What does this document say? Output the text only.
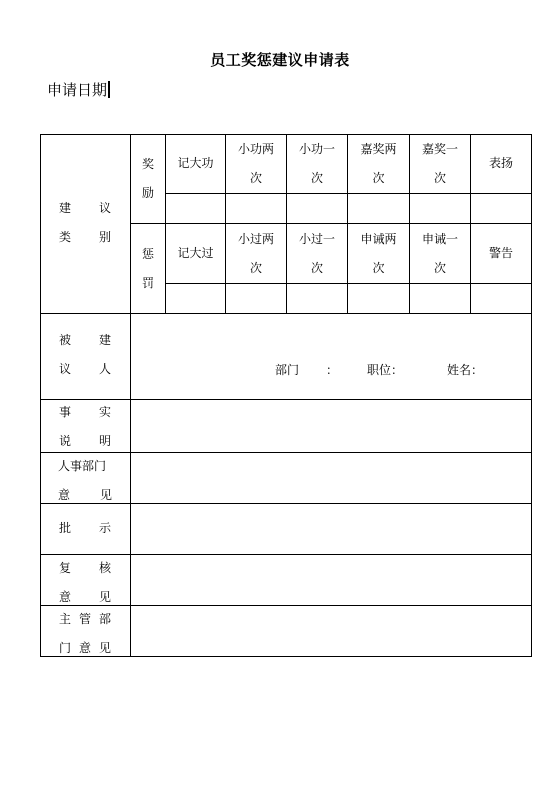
员工奖惩建议申请表
申请日期
建 议
类 别
奖
励
惩
罚
记大功
小功两
次
小功一
次
嘉奖两
次
嘉奖一
次
表扬
记大过
小过两
次
小过一
次
申诫两
次
申诫一
次
警告
被 建
议 人	部门 ： 职位：	姓名：
事 实
说 明
人事部门
意 见
批 示
复 核
意 见
主 管 部
门 意 见
